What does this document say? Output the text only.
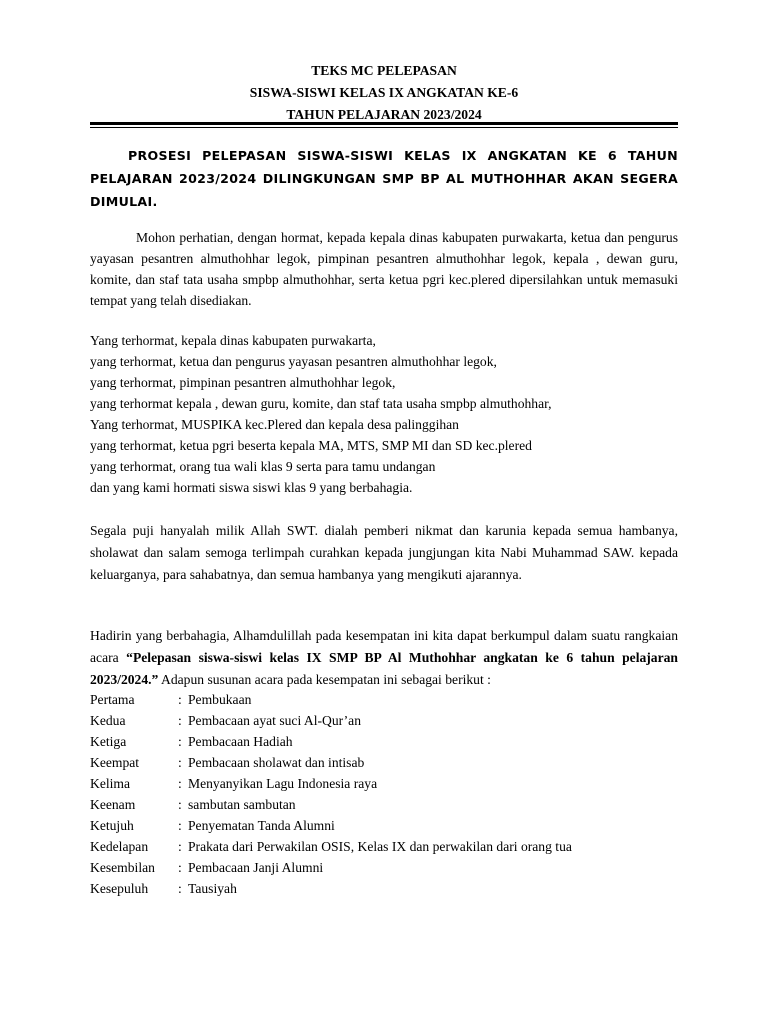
TEKS MC PELEPASAN
SISWA-SISWI KELAS IX ANGKATAN KE-6
TAHUN PELAJARAN 2023/2024
PROSESI PELEPASAN SISWA-SISWI KELAS IX ANGKATAN KE 6 TAHUN PELAJARAN 2023/2024 DILINGKUNGAN SMP BP AL MUTHOHHAR AKAN SEGERA DIMULAI.
Mohon perhatian, dengan hormat, kepada kepala dinas kabupaten purwakarta, ketua dan pengurus yayasan pesantren almuthohhar legok, pimpinan pesantren almuthohhar legok, kepala , dewan guru, komite, dan staf tata usaha smpbp almuthohhar, serta ketua pgri kec.plered dipersilahkan untuk memasuki tempat yang telah disediakan.
Yang terhormat, kepala dinas kabupaten purwakarta,
yang terhormat, ketua dan pengurus yayasan pesantren almuthohhar legok,
yang terhormat, pimpinan pesantren almuthohhar legok,
yang terhormat kepala , dewan guru, komite, dan staf tata usaha smpbp almuthohhar,
Yang terhormat, MUSPIKA kec.Plered dan kepala desa palinggihan
yang terhormat, ketua pgri beserta kepala MA, MTS, SMP MI dan SD kec.plered
yang terhormat, orang tua wali klas 9 serta para tamu undangan
dan yang kami hormati siswa siswi klas 9 yang berbahagia.
Segala puji hanyalah milik Allah SWT. dialah pemberi nikmat dan karunia kepada semua hambanya, sholawat dan salam semoga terlimpah curahkan kepada jungjungan kita Nabi Muhammad SAW. kepada keluarganya, para sahabatnya, dan semua hambanya yang mengikuti ajarannya.
Hadirin yang berbahagia, Alhamdulillah pada kesempatan ini kita dapat berkumpul dalam suatu rangkaian acara “Pelepasan siswa-siswi kelas IX SMP BP Al Muthohhar angkatan ke 6 tahun pelajaran 2023/2024.” Adapun susunan acara pada kesempatan ini sebagai berikut :
Pertama	: Pembukaan
Kedua	: Pembacaan ayat suci Al-Qur’an
Ketiga	: Pembacaan Hadiah
Keempat	: Pembacaan sholawat dan intisab
Kelima	: Menyanyikan Lagu Indonesia raya
Keenam	: sambutan sambutan
Ketujuh	: Penyematan Tanda Alumni
Kedelapan	: Prakata dari Perwakilan OSIS, Kelas IX dan perwakilan dari orang tua
Kesembilan	: Pembacaan Janji Alumni
Kesepuluh	: Tausiyah
